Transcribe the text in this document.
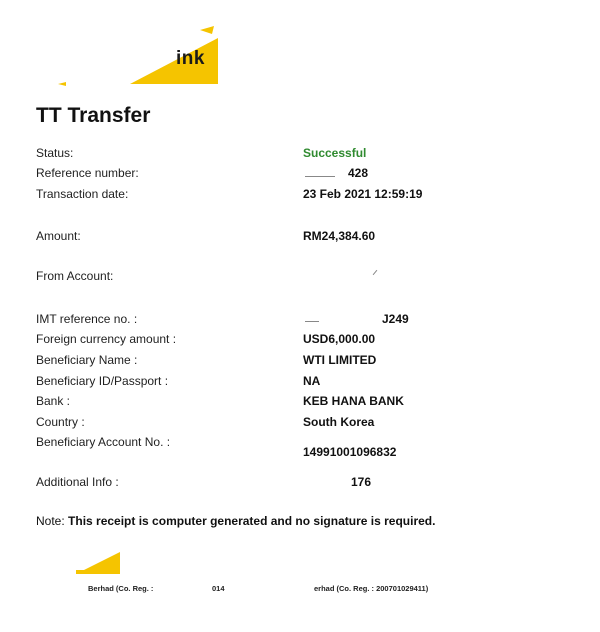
ink
TT Transfer
Status:	Successful
Reference number:	428
Transaction date:	23 Feb 2021 12:59:19
Amount:	RM24,384.60
From Account:
IMT reference no. :	J249
Foreign currency amount :	USD6,000.00
Beneficiary Name :	WTI LIMITED
Beneficiary ID/Passport :	NA
Bank :	KEB HANA BANK
Country :	South Korea
Beneficiary Account No. :
14991001096832
Additional Info :	176
Note: This receipt is computer generated and no signature is required.
Berhad (Co. Reg. :	014	erhad (Co. Reg. : 200701029411)
